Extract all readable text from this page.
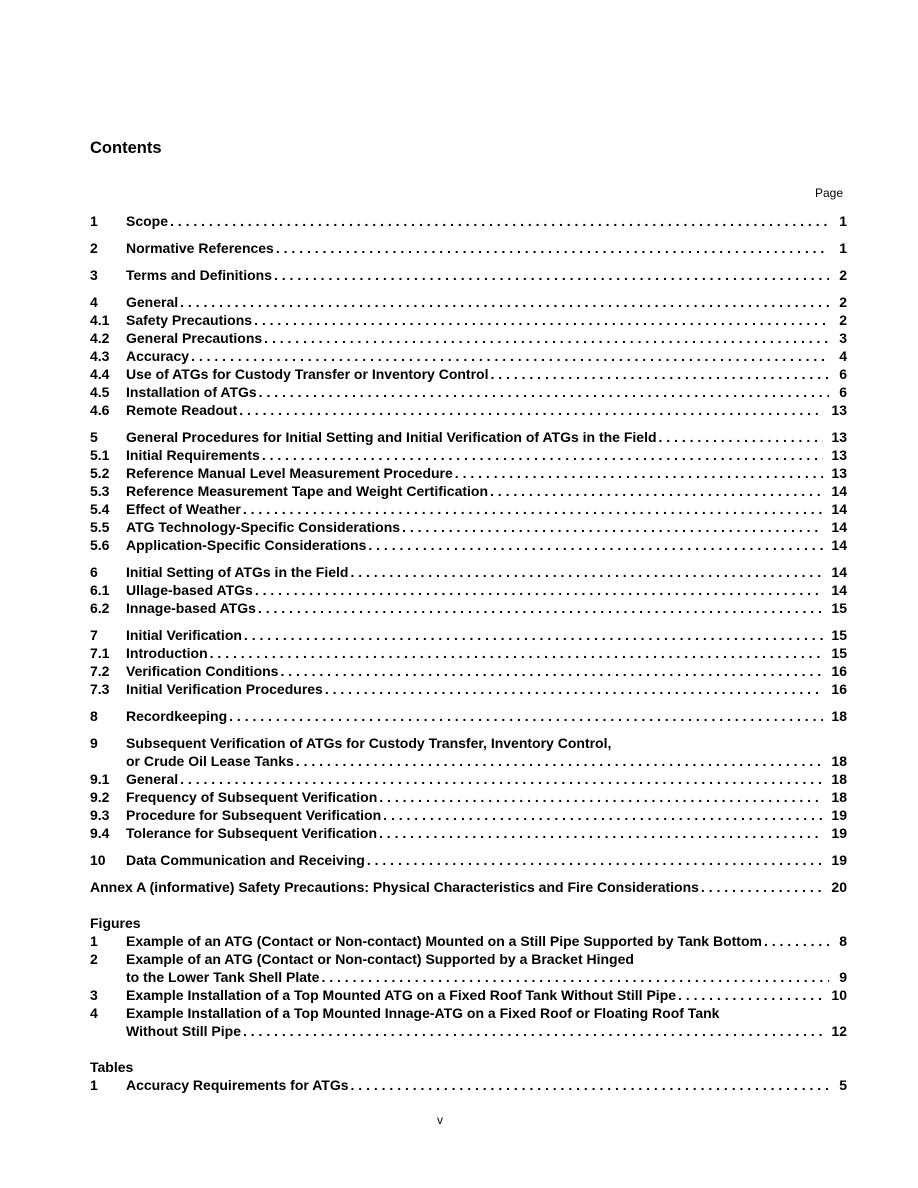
Contents
Page
1	Scope . . .	1
2	Normative References . . .	1
3	Terms and Definitions . . .	2
4	General . . .	2
4.1	Safety Precautions . . .	2
4.2	General Precautions . . .	3
4.3	Accuracy . . .	4
4.4	Use of ATGs for Custody Transfer or Inventory Control . . .	6
4.5	Installation of ATGs . . .	6
4.6	Remote Readout . . .	13
5	General Procedures for Initial Setting and Initial Verification of ATGs in the Field . . .	13
5.1	Initial Requirements . . .	13
5.2	Reference Manual Level Measurement Procedure . . .	13
5.3	Reference Measurement Tape and Weight Certification . . .	14
5.4	Effect of Weather . . .	14
5.5	ATG Technology-Specific Considerations . . .	14
5.6	Application-Specific Considerations . . .	14
6	Initial Setting of ATGs in the Field . . .	14
6.1	Ullage-based ATGs . . .	14
6.2	Innage-based ATGs . . .	15
7	Initial Verification . . .	15
7.1	Introduction . . .	15
7.2	Verification Conditions . . .	16
7.3	Initial Verification Procedures . . .	16
8	Recordkeeping . . .	18
9	Subsequent Verification of ATGs for Custody Transfer, Inventory Control,
or Crude Oil Lease Tanks . . .	18
9.1	General . . .	18
9.2	Frequency of Subsequent Verification . . .	18
9.3	Procedure for Subsequent Verification . . .	19
9.4	Tolerance for Subsequent Verification . . .	19
10	Data Communication and Receiving . . .	19
Annex A (informative) Safety Precautions: Physical Characteristics and Fire Considerations . . .	20
Figures
1	Example of an ATG (Contact or Non-contact) Mounted on a Still Pipe Supported by Tank Bottom . . .	8
2	Example of an ATG (Contact or Non-contact) Supported by a Bracket Hinged
to the Lower Tank Shell Plate . . .	9
3	Example Installation of a Top Mounted ATG on a Fixed Roof Tank Without Still Pipe . . .	10
4	Example Installation of a Top Mounted Innage-ATG on a Fixed Roof or Floating Roof Tank
Without Still Pipe . . .	12
Tables
1	Accuracy Requirements for ATGs . . .	5
v
